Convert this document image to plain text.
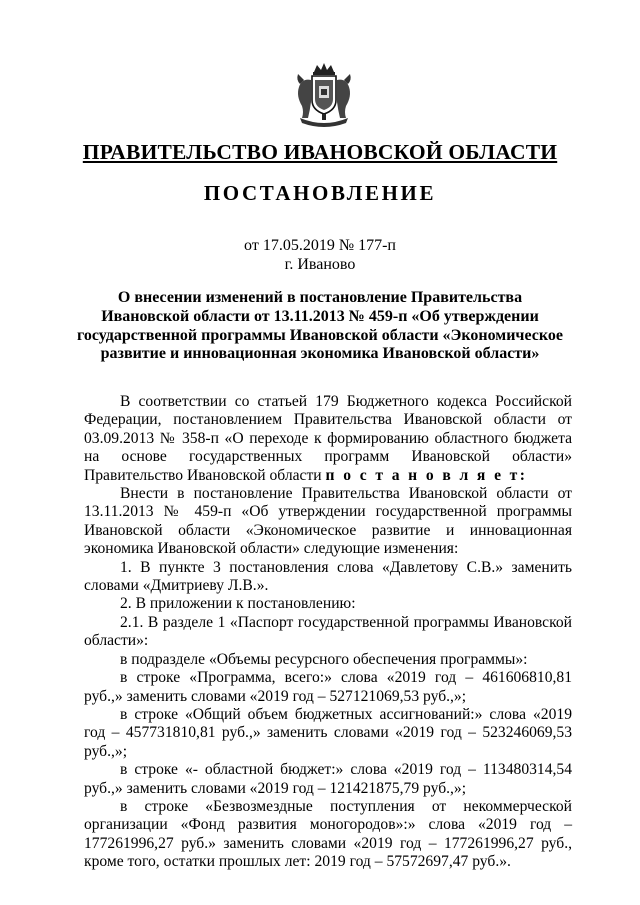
ПРАВИТЕЛЬСТВО ИВАНОВСКОЙ ОБЛАСТИ
ПОСТАНОВЛЕНИЕ
от 17.05.2019 № 177-п
г. Иваново
О внесении изменений в постановление Правительства
Ивановской области от 13.11.2013 № 459-п «Об утверждении
государственной программы Ивановской области «Экономическое
развитие и инновационная экономика Ивановской области»

В соответствии со статьей 179 Бюджетного кодекса Российской Федерации, постановлением Правительства Ивановской области от 03.09.2013 № 358-п «О переходе к формированию областного бюджета на основе государственных программ Ивановской области» Правительство Ивановской области п о с т а н о в л я е т:

Внести в постановление Правительства Ивановской области от 13.11.2013 № 459-п «Об утверждении государственной программы Ивановской области «Экономическое развитие и инновационная экономика Ивановской области» следующие изменения:

1. В пункте 3 постановления слова «Давлетову С.В.» заменить словами «Дмитриеву Л.В.».

2. В приложении к постановлению:

2.1. В разделе 1 «Паспорт государственной программы Ивановской области»:

в подразделе «Объемы ресурсного обеспечения программы»:

в строке «Программа, всего:» слова «2019 год – 461606810,81 руб.,» заменить словами «2019 год – 527121069,53 руб.,»;

в строке «Общий объем бюджетных ассигнований:» слова «2019 год – 457731810,81 руб.,» заменить словами «2019 год – 523246069,53 руб.,»;

в строке «- областной бюджет:» слова «2019 год – 113480314,54 руб.,» заменить словами «2019 год – 121421875,79 руб.,»;

в строке «Безвозмездные поступления от некоммерческой организации «Фонд развития моногородов»:» слова «2019 год – 177261996,27 руб.» заменить словами «2019 год – 177261996,27 руб., кроме того, остатки прошлых лет: 2019 год – 57572697,47 руб.».
